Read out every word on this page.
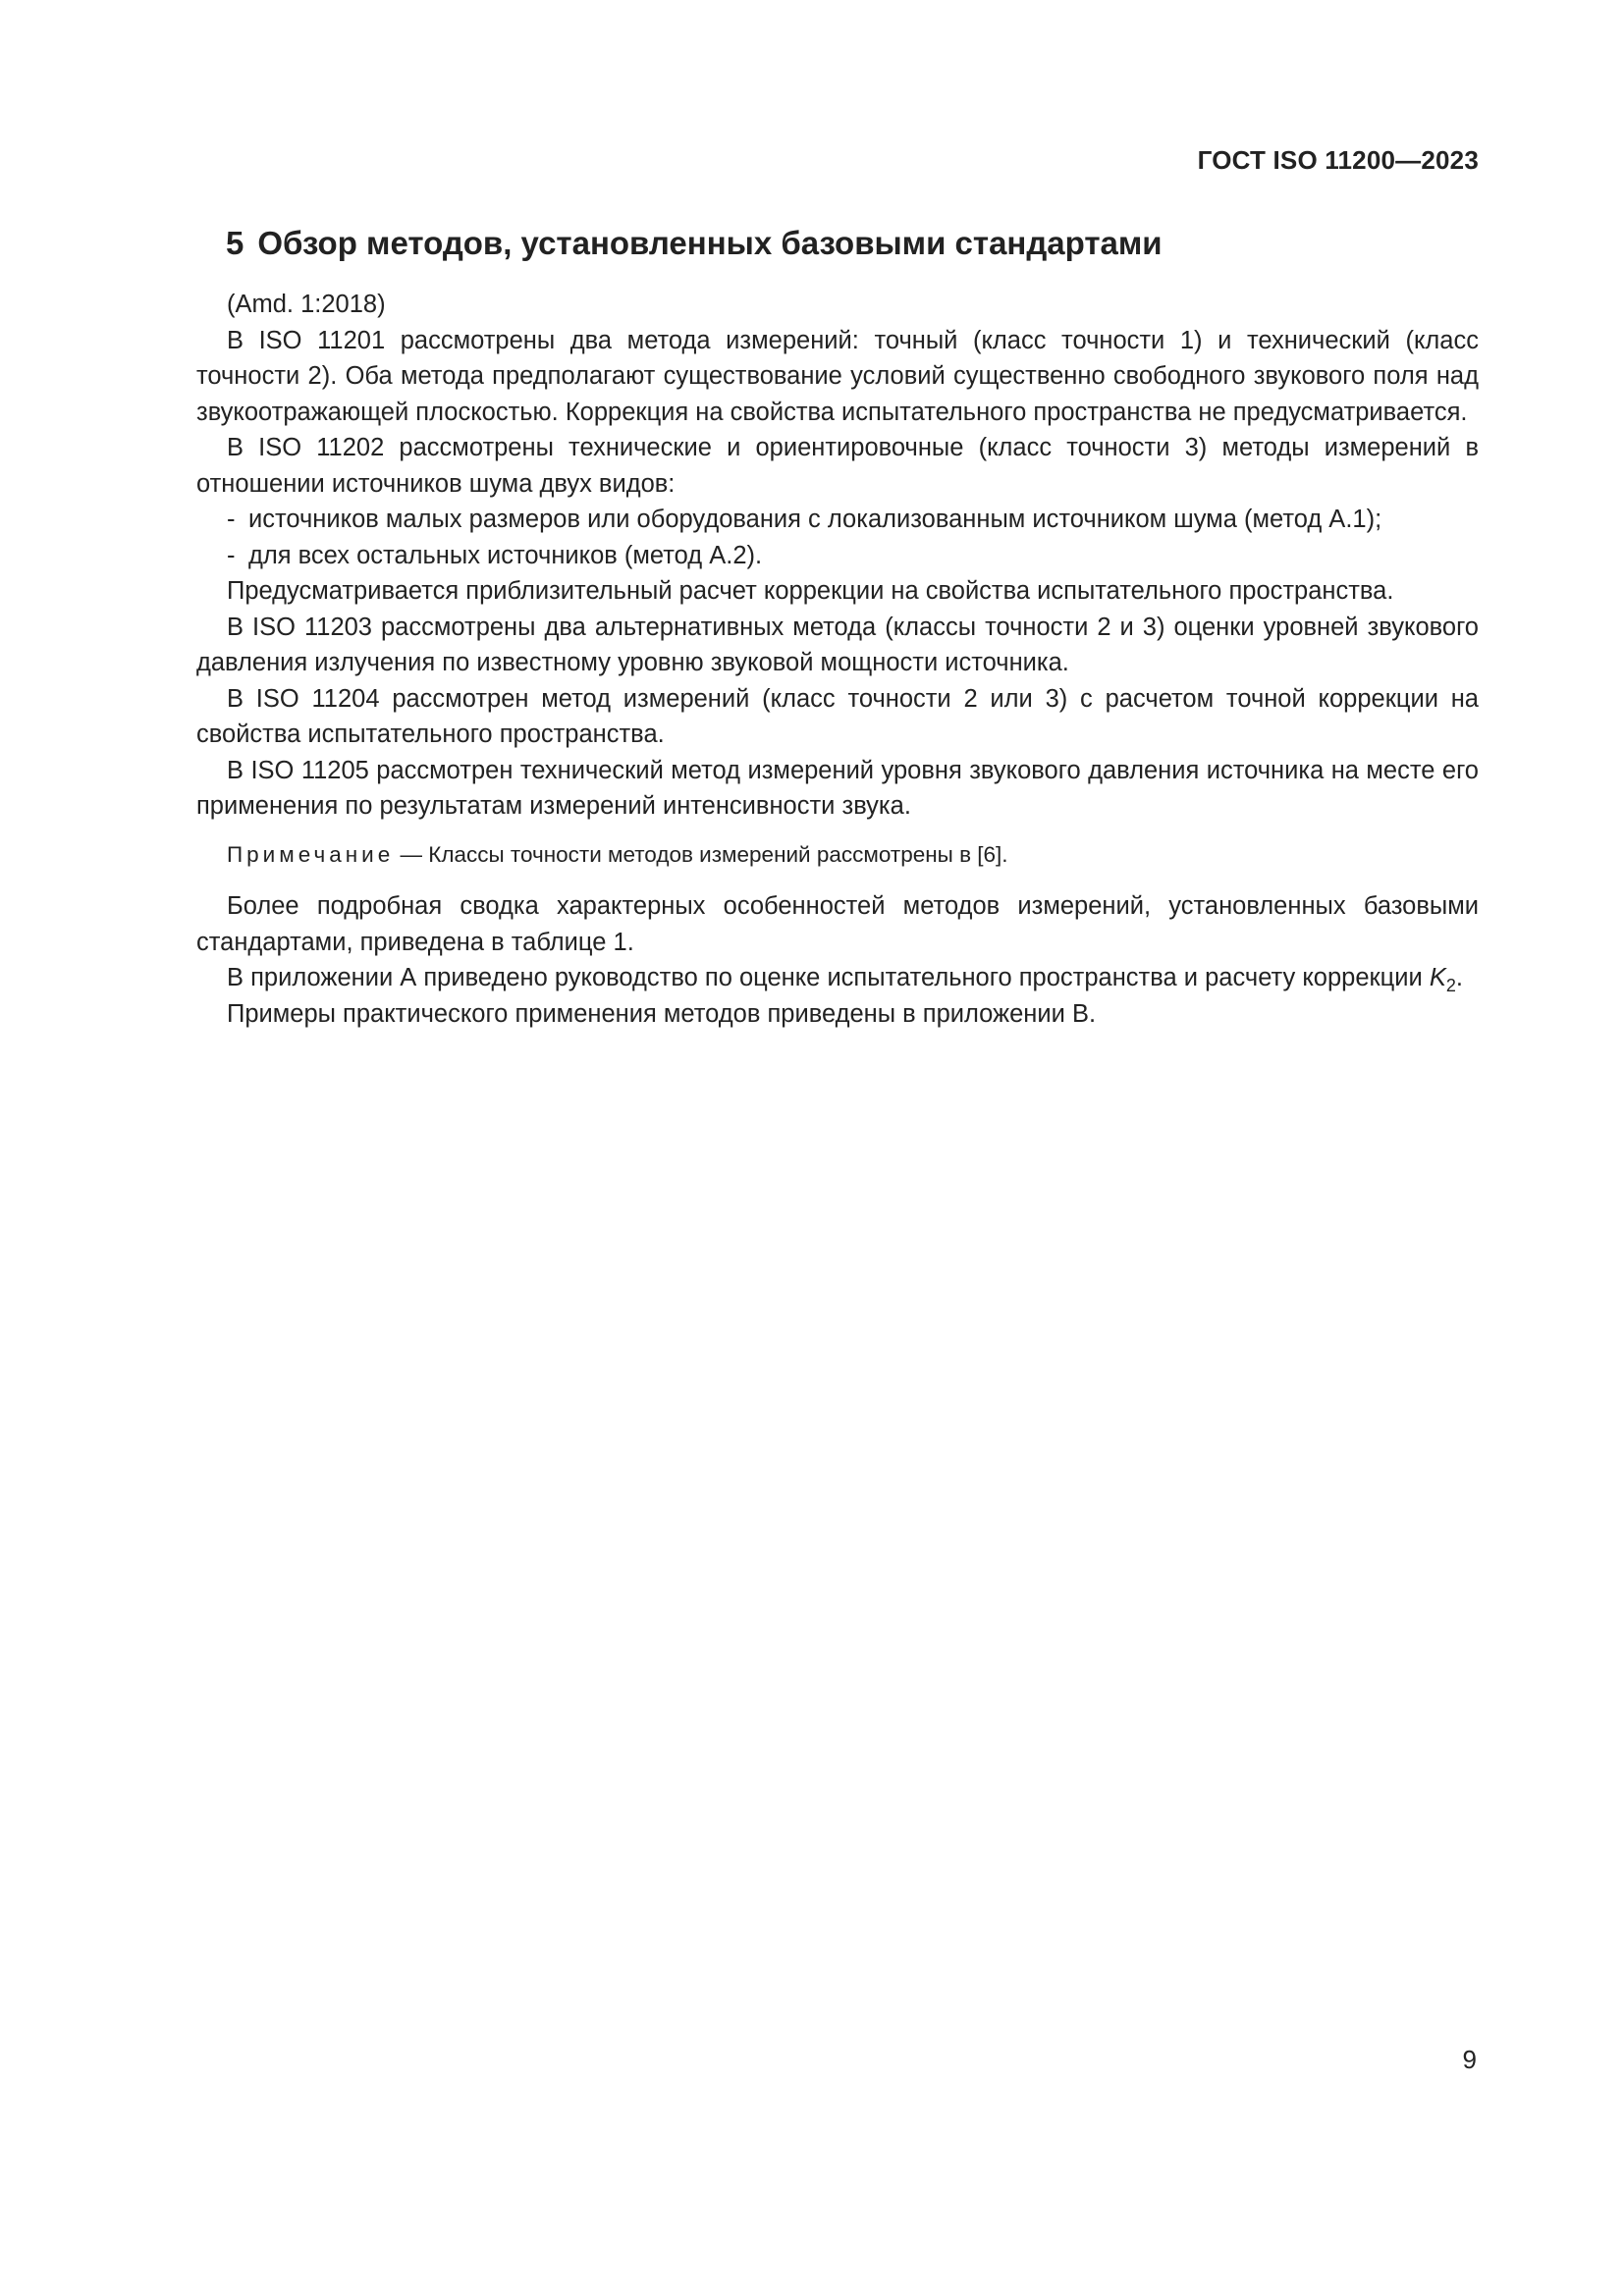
ГОСТ ISO 11200—2023
5 Обзор методов, установленных базовыми стандартами

(Amd. 1:2018)

В ISO 11201 рассмотрены два метода измерений: точный (класс точности 1) и технический (класс точности 2). Оба метода предполагают существование условий существенно свободного звукового поля над звукоотражающей плоскостью. Коррекция на свойства испытательного пространства не предусматривается.

В ISO 11202 рассмотрены технические и ориентировочные (класс точности 3) методы измерений в отношении источников шума двух видов:

- источников малых размеров или оборудования с локализованным источником шума (метод А.1);
- для всех остальных источников (метод А.2).

Предусматривается приблизительный расчет коррекции на свойства испытательного пространства.

В ISO 11203 рассмотрены два альтернативных метода (классы точности 2 и 3) оценки уровней звукового давления излучения по известному уровню звуковой мощности источника.

В ISO 11204 рассмотрен метод измерений (класс точности 2 или 3) с расчетом точной коррекции на свойства испытательного пространства.

В ISO 11205 рассмотрен технический метод измерений уровня звукового давления источника на месте его применения по результатам измерений интенсивности звука.

Примечание — Классы точности методов измерений рассмотрены в [6].

Более подробная сводка характерных особенностей методов измерений, установленных базовыми стандартами, приведена в таблице 1.

В приложении А приведено руководство по оценке испытательного пространства и расчету коррекции $K_2$.

Примеры практического применения методов приведены в приложении В.

9
